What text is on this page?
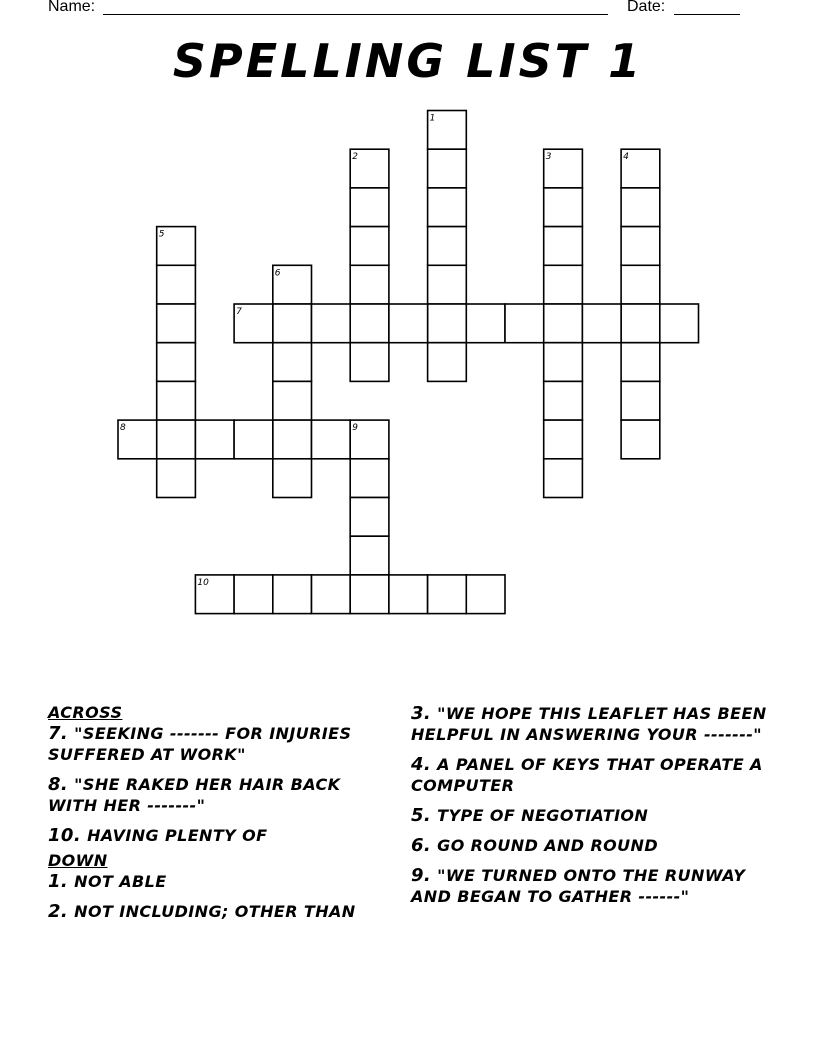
Name:	Date:
SPELLING LIST 1
1
2	3	4
5
6
7
8	9
10
ACROSS
7. "SEEKING ------- FOR INJURIES SUFFERED AT WORK"
8. "SHE RAKED HER HAIR BACK WITH HER -------"
10. HAVING PLENTY OF
DOWN
1. NOT ABLE
2. NOT INCLUDING; OTHER THAN
3. "WE HOPE THIS LEAFLET HAS BEEN HELPFUL IN ANSWERING YOUR -------"
4. A PANEL OF KEYS THAT OPERATE A COMPUTER
5. TYPE OF NEGOTIATION
6. GO ROUND AND ROUND
9. "WE TURNED ONTO THE RUNWAY AND BEGAN TO GATHER ------"
